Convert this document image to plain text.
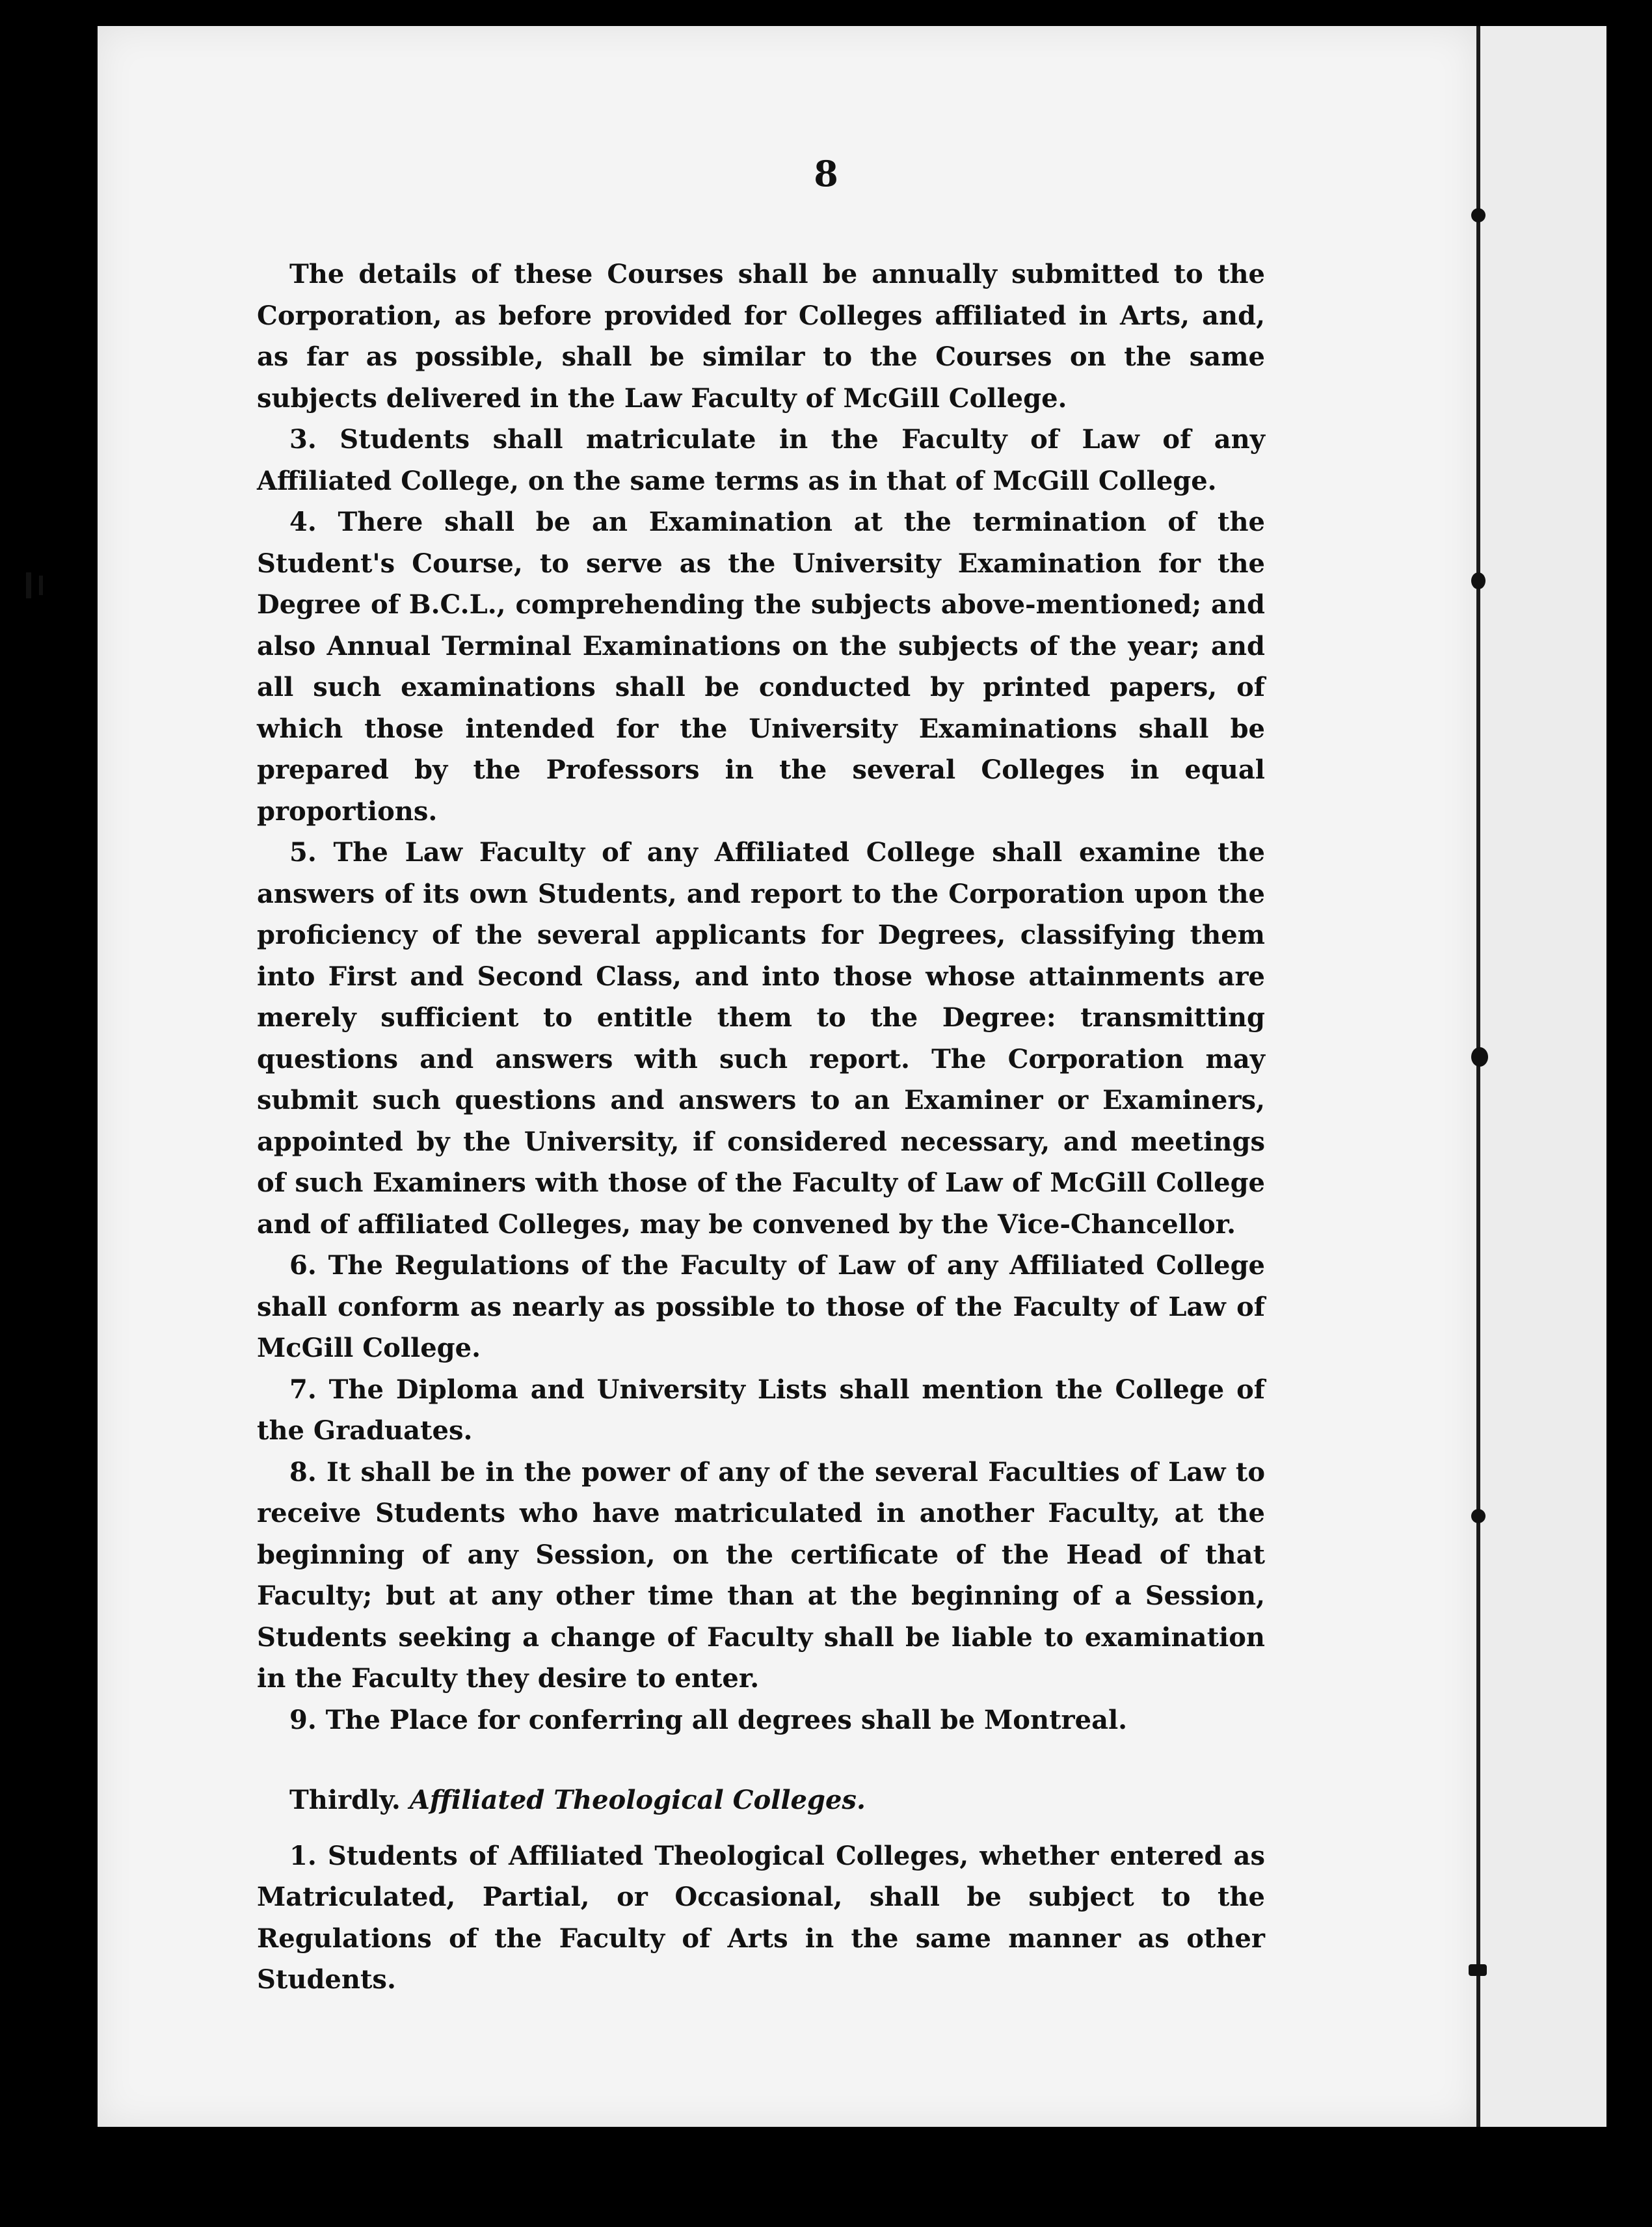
8

The details of these Courses shall be annually submitted to the Corporation, as before provided for Colleges affiliated in Arts, and, as far as possible, shall be similar to the Courses on the same subjects delivered in the Law Faculty of McGill College.

3. Students shall matriculate in the Faculty of Law of any Affiliated College, on the same terms as in that of McGill College.

4. There shall be an Examination at the termination of the Student's Course, to serve as the University Examination for the Degree of B.C.L., comprehending the subjects above-mentioned; and also Annual Terminal Examinations on the subjects of the year; and all such examinations shall be conducted by printed papers, of which those intended for the University Examinations shall be prepared by the Professors in the several Colleges in equal proportions.

5. The Law Faculty of any Affiliated College shall examine the answers of its own Students, and report to the Corporation upon the proficiency of the several applicants for Degrees, classifying them into First and Second Class, and into those whose attainments are merely sufficient to entitle them to the Degree: transmitting questions and answers with such report. The Corporation may submit such questions and answers to an Examiner or Examiners, appointed by the University, if considered necessary, and meetings of such Examiners with those of the Faculty of Law of McGill College and of affiliated Colleges, may be convened by the Vice-Chancellor.

6. The Regulations of the Faculty of Law of any Affiliated College shall conform as nearly as possible to those of the Faculty of Law of McGill College.

7. The Diploma and University Lists shall mention the College of the Graduates.

8. It shall be in the power of any of the several Faculties of Law to receive Students who have matriculated in another Faculty, at the beginning of any Session, on the certificate of the Head of that Faculty; but at any other time than at the beginning of a Session, Students seeking a change of Faculty shall be liable to examination in the Faculty they desire to enter.

9. The Place for conferring all degrees shall be Montreal.

Thirdly. Affiliated Theological Colleges.

1. Students of Affiliated Theological Colleges, whether entered as Matriculated, Partial, or Occasional, shall be subject to the Regulations of the Faculty of Arts in the same manner as other Students.
